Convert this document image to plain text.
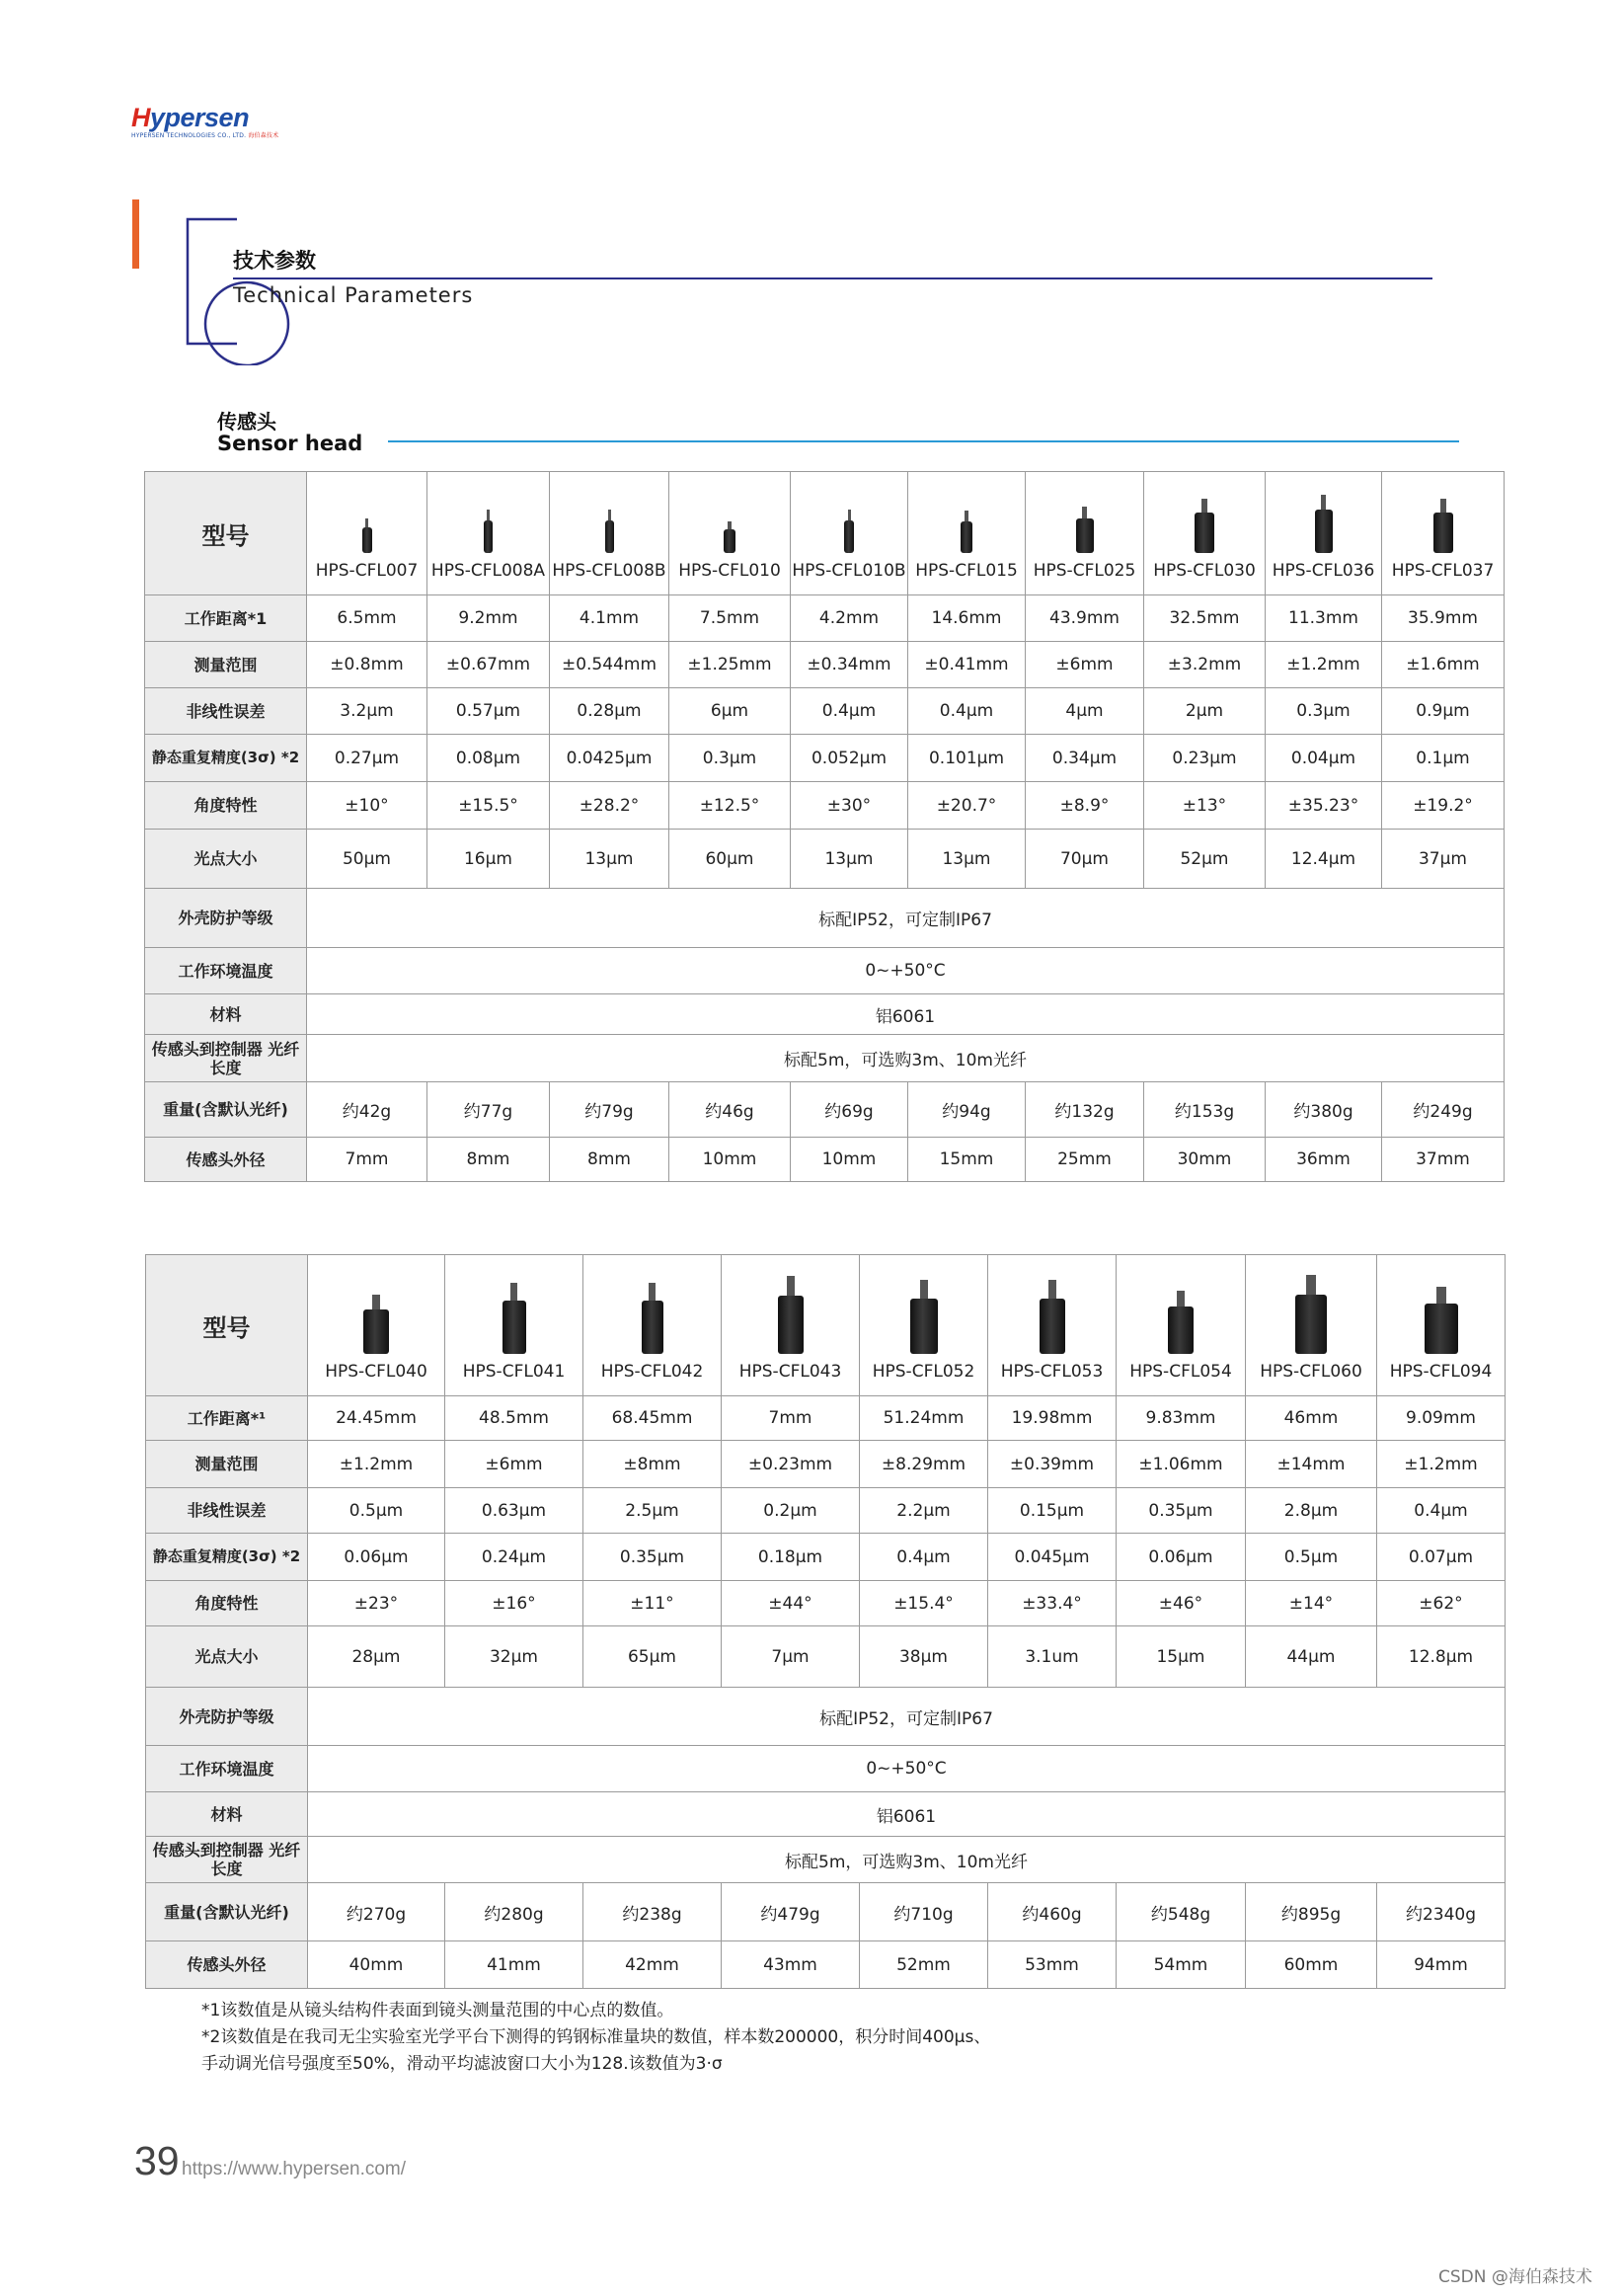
Hypersen
HYPERSEN TECHNOLOGIES CO., LTD. 海伯森技术
技术参数
Technical Parameters
传感头
Sensor head
型号	HPS-CFL007	HPS-CFL008A	HPS-CFL008B	HPS-CFL010	HPS-CFL010B	HPS-CFL015	HPS-CFL025	HPS-CFL030	HPS-CFL036	HPS-CFL037

工作距离*1	6.5mm	9.2mm	4.1mm	7.5mm	4.2mm	14.6mm	43.9mm	32.5mm	11.3mm	35.9mm
测量范围	±0.8mm	±0.67mm	±0.544mm	±1.25mm	±0.34mm	±0.41mm	±6mm	±3.2mm	±1.2mm	±1.6mm
非线性误差	3.2μm	0.57μm	0.28μm	6μm	0.4μm	0.4μm	4μm	2μm	0.3μm	0.9μm
静态重复精度(3σ) *2	0.27μm	0.08μm	0.0425μm	0.3μm	0.052μm	0.101μm	0.34μm	0.23μm	0.04μm	0.1μm
角度特性	±10°	±15.5°	±28.2°	±12.5°	±30°	±20.7°	±8.9°	±13°	±35.23°	±19.2°
光点大小	50μm	16μm	13μm	60μm	13μm	13μm	70μm	52μm	12.4μm	37μm
外壳防护等级	标配IP52，可定制IP67									
工作环境温度	0~+50°C									
材料	铝6061									
传感头到控制器 光纤长度	标配5m，可选购3m、10m光纤									
重量(含默认光纤)	约42g	约77g	约79g	约46g	约69g	约94g	约132g	约153g	约380g	约249g
传感头外径	7mm	8mm	8mm	10mm	10mm	15mm	25mm	30mm	36mm	37mm
型号	HPS-CFL040	HPS-CFL041	HPS-CFL042	HPS-CFL043	HPS-CFL052	HPS-CFL053	HPS-CFL054	HPS-CFL060	HPS-CFL094

工作距离*¹	24.45mm	48.5mm	68.45mm	7mm	51.24mm	19.98mm	9.83mm	46mm	9.09mm
测量范围	±1.2mm	±6mm	±8mm	±0.23mm	±8.29mm	±0.39mm	±1.06mm	±14mm	±1.2mm
非线性误差	0.5μm	0.63μm	2.5μm	0.2μm	2.2μm	0.15μm	0.35μm	2.8μm	0.4μm
静态重复精度(3σ) *2	0.06μm	0.24μm	0.35μm	0.18μm	0.4μm	0.045μm	0.06μm	0.5μm	0.07μm
角度特性	±23°	±16°	±11°	±44°	±15.4°	±33.4°	±46°	±14°	±62°
光点大小	28μm	32μm	65μm	7μm	38μm	3.1um	15μm	44μm	12.8μm
外壳防护等级	标配IP52，可定制IP67								
工作环境温度	0~+50°C								
材料	铝6061								
传感头到控制器 光纤长度	标配5m，可选购3m、10m光纤								
重量(含默认光纤)	约270g	约280g	约238g	约479g	约710g	约460g	约548g	约895g	约2340g
传感头外径	40mm	41mm	42mm	43mm	52mm	53mm	54mm	60mm	94mm
*1该数值是从镜头结构件表面到镜头测量范围的中心点的数值。
*2该数值是在我司无尘实验室光学平台下测得的钨钢标准量块的数值，样本数200000，积分时间400μs、
手动调光信号强度至50%，滑动平均滤波窗口大小为128.该数值为3·σ
39 https://www.hypersen.com/
CSDN @海伯森技术
